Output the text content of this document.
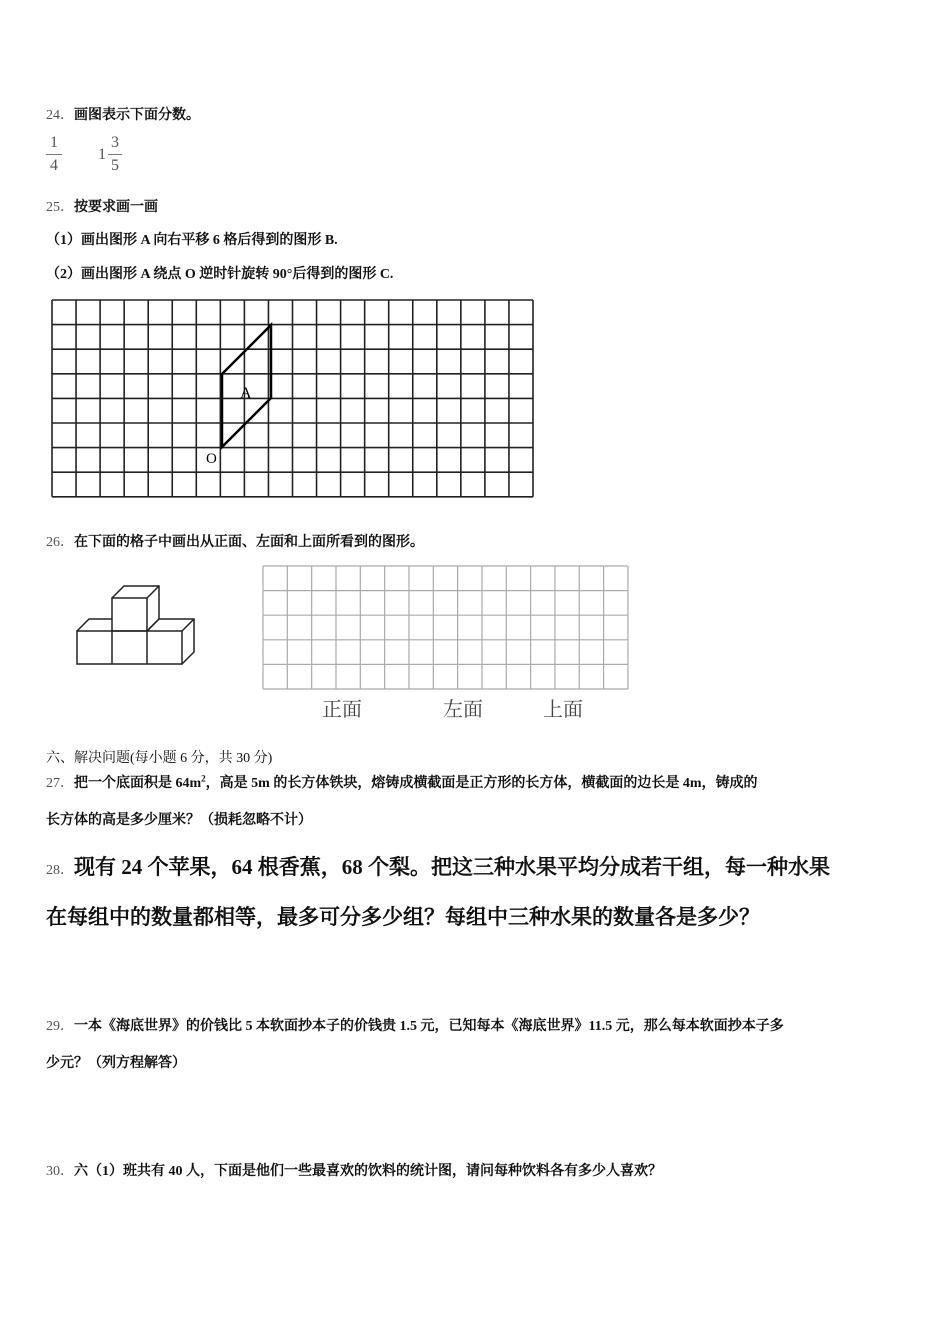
24．画图表示下面分数。
1
4
1
3
5
25．按要求画一画
（1）画出图形 A 向右平移 6 格后得到的图形 B.
（2）画出图形 A 绕点 O 逆时针旋转 90°后得到的图形 C.
A
O
26．在下面的格子中画出从正面、左面和上面所看到的图形。
正面	左面	上面
六、解决问题(每小题 6 分，共 30 分)
27．把一个底面积是 $64m^2$，高是 5m 的长方体铁块，熔铸成横截面是正方形的长方体，横截面的边长是 4m，铸成的
长方体的高是多少厘米？（损耗忽略不计）
28．现有 24 个苹果，64 根香蕉，68 个梨。把这三种水果平均分成若干组，每一种水果
在每组中的数量都相等，最多可分多少组？每组中三种水果的数量各是多少？
29．一本《海底世界》的价钱比 5 本软面抄本子的价钱贵 1.5 元，已知每本《海底世界》11.5 元，那么每本软面抄本子多
少元？（列方程解答）
30．六（1）班共有 40 人，下面是他们一些最喜欢的饮料的统计图，请问每种饮料各有多少人喜欢？
